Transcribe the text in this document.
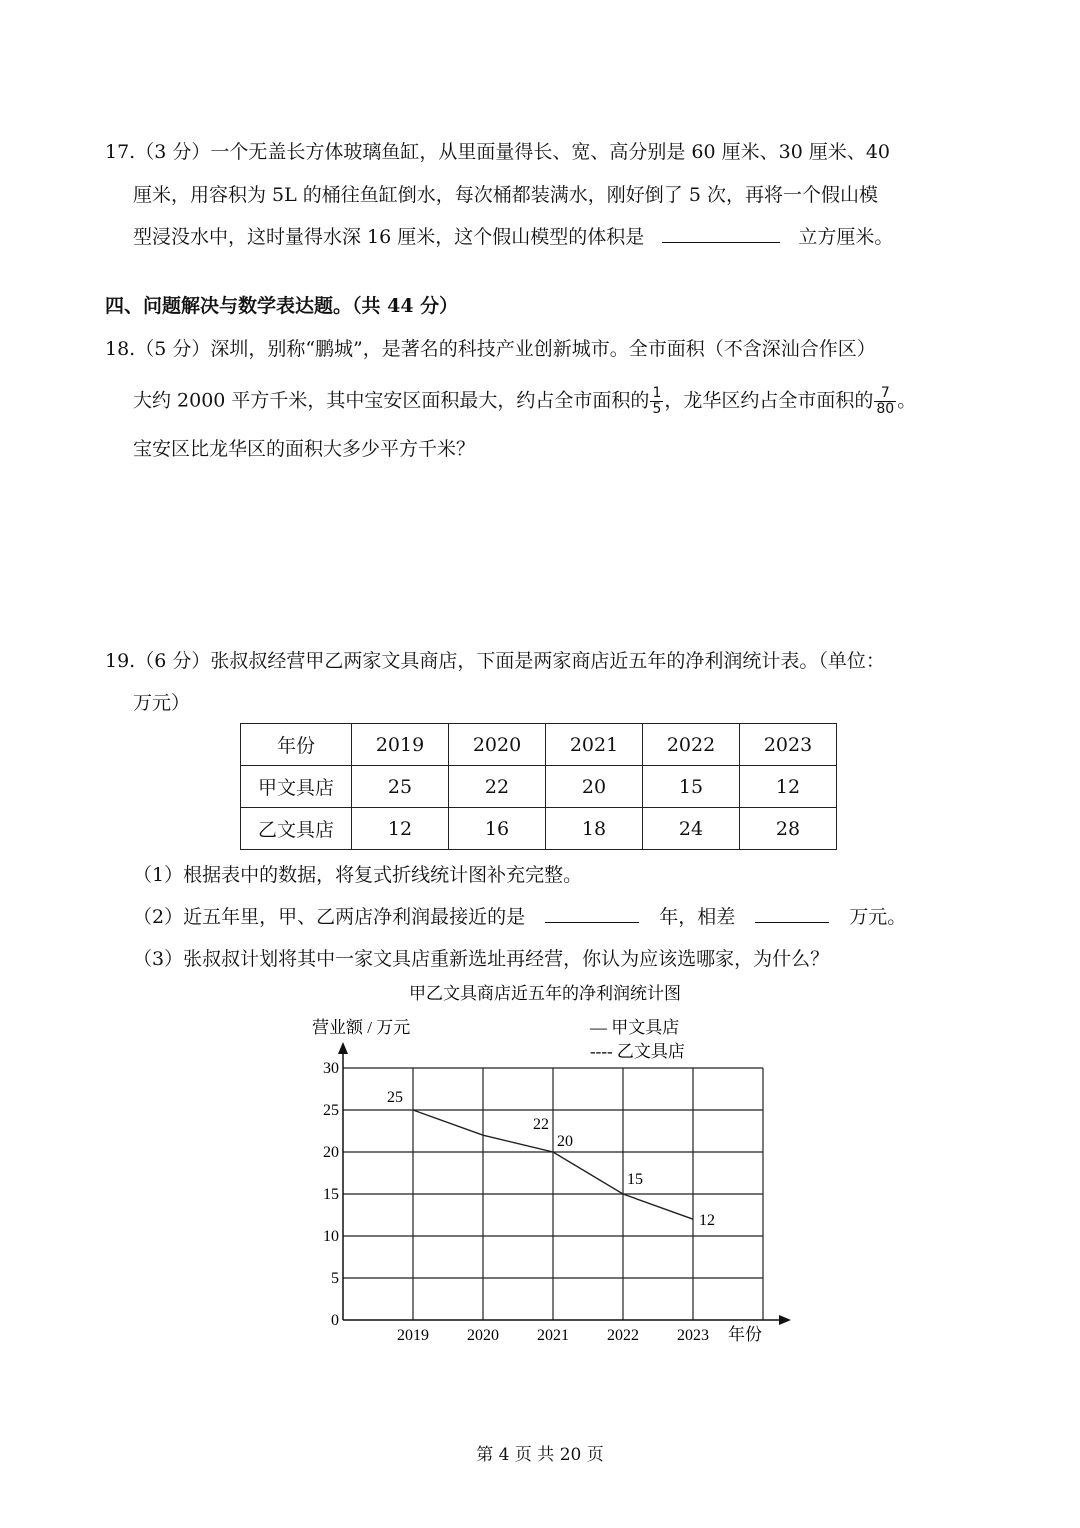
17.（3 分）一个无盖长方体玻璃鱼缸，从里面量得长、宽、高分别是 60 厘米、30 厘米、40
厘米，用容积为 5L 的桶往鱼缸倒水，每次桶都装满水，刚好倒了 5 次，再将一个假山模
型浸没水中，这时量得水深 16 厘米，这个假山模型的体积是	立方厘米。
四、问题解决与数学表达题。（共 44 分）
18.（5 分）深圳，别称“鹏城”，是著名的科技产业创新城市。全市面积（不含深汕合作区）
大约 2000 平方千米，其中宝安区面积最大，约占全市面积的 $\frac{1}{5}$ ，龙华区约占全市面积的 $\frac{7}{80}$ 。
宝安区比龙华区的面积大多少平方千米？
19.（6 分）张叔叔经营甲乙两家文具商店，下面是两家商店近五年的净利润统计表。（单位：
万元）
年份	2019	2020	2021	2022	2023
甲文具店	25	22	20	15	12
乙文具店	12	16	18	24	28
（1）根据表中的数据，将复式折线统计图补充完整。
（2）近五年里，甲、乙两店净利润最接近的是	年，相差	万元。
（3）张叔叔计划将其中一家文具店重新选址再经营，你认为应该选哪家，为什么？
甲乙文具商店近五年的净利润统计图
营业额 / 万元	— 甲文具店
---- 乙文具店
0
5
10
15
20
25
30
2019 2020 2021 2022 2023
25
22
20
15
12
年份
第 4 页 共 20 页
